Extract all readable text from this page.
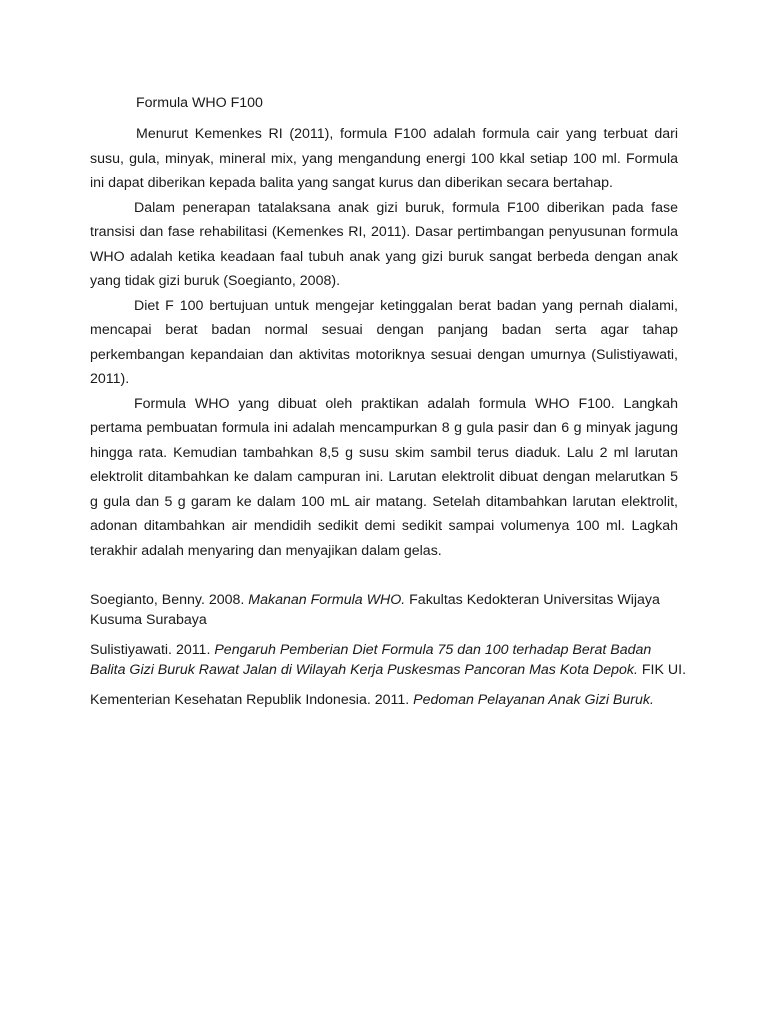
Formula WHO F100

Menurut Kemenkes RI (2011), formula F100 adalah formula cair yang terbuat dari susu, gula, minyak, mineral mix, yang mengandung energi 100 kkal setiap 100 ml. Formula ini dapat diberikan kepada balita yang sangat kurus dan diberikan secara bertahap.

Dalam penerapan tatalaksana anak gizi buruk, formula F100 diberikan pada fase transisi dan fase rehabilitasi (Kemenkes RI, 2011). Dasar pertimbangan penyusunan formula WHO adalah ketika keadaan faal tubuh anak yang gizi buruk sangat berbeda dengan anak yang tidak gizi buruk (Soegianto, 2008).

Diet F 100 bertujuan untuk mengejar ketinggalan berat badan yang pernah dialami, mencapai berat badan normal sesuai dengan panjang badan serta agar tahap perkembangan kepandaian dan aktivitas motoriknya sesuai dengan umurnya (Sulistiyawati, 2011).

Formula WHO yang dibuat oleh praktikan adalah formula WHO F100. Langkah pertama pembuatan formula ini adalah mencampurkan 8 g gula pasir dan 6 g minyak jagung hingga rata. Kemudian tambahkan 8,5 g susu skim sambil terus diaduk. Lalu 2 ml larutan elektrolit ditambahkan ke dalam campuran ini. Larutan elektrolit dibuat dengan melarutkan 5 g gula dan 5 g garam ke dalam 100 mL air matang. Setelah ditambahkan larutan elektrolit, adonan ditambahkan air mendidih sedikit demi sedikit sampai volumenya 100 ml. Lagkah terakhir adalah menyaring dan menyajikan dalam gelas.

Soegianto, Benny. 2008. Makanan Formula WHO. Fakultas Kedokteran Universitas Wijaya Kusuma Surabaya

Sulistiyawati. 2011. Pengaruh Pemberian Diet Formula 75 dan 100 terhadap Berat Badan Balita Gizi Buruk Rawat Jalan di Wilayah Kerja Puskesmas Pancoran Mas Kota Depok. FIK UI.

Kementerian Kesehatan Republik Indonesia. 2011. Pedoman Pelayanan Anak Gizi Buruk.
